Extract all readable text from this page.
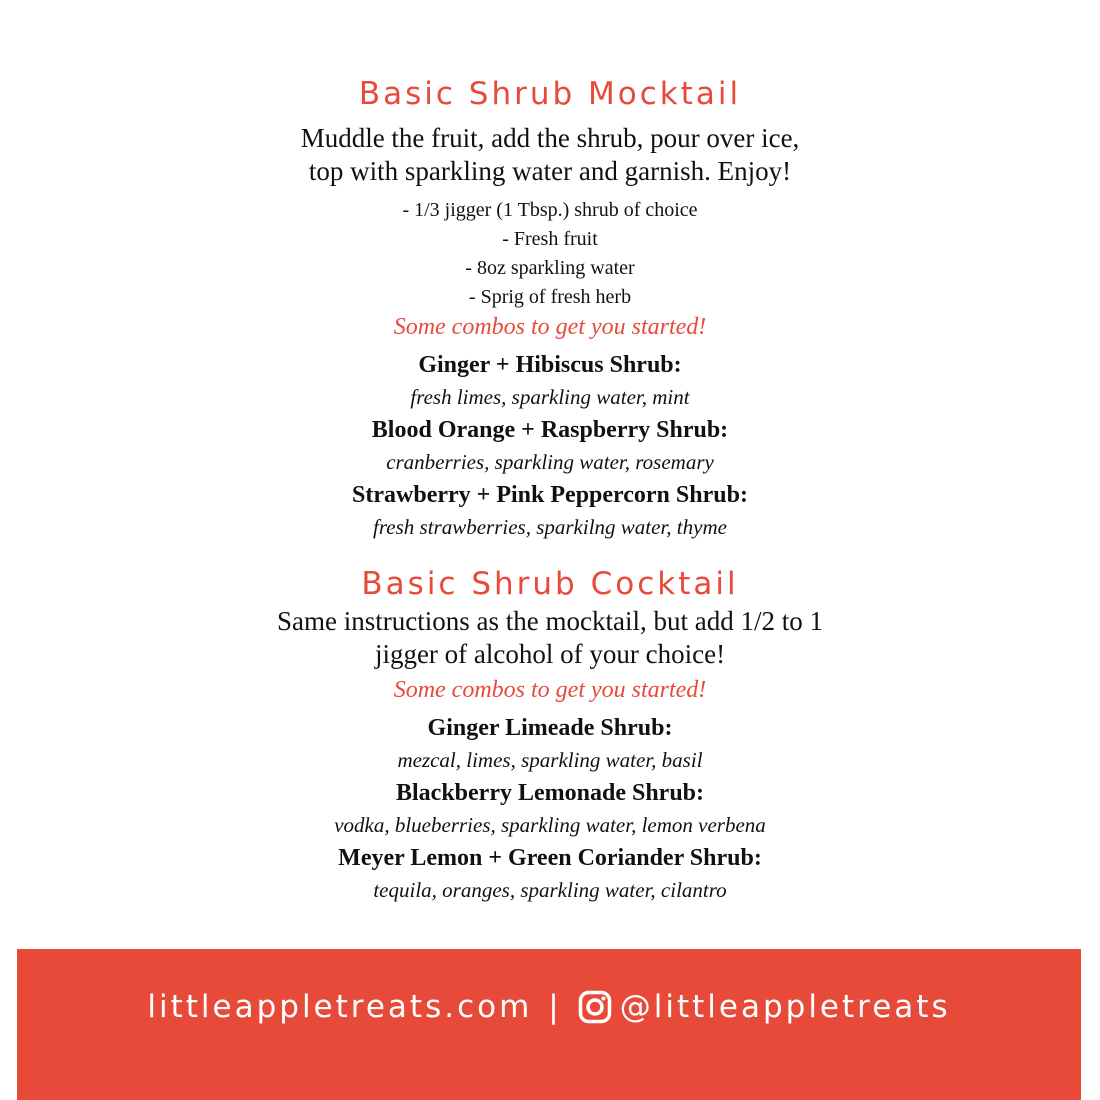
Basic Shrub Mocktail

Muddle the fruit, add the shrub, pour over ice,

top with sparkling water and garnish. Enjoy!

- 1/3 jigger (1 Tbsp.) shrub of choice

- Fresh fruit

- 8oz sparkling water

- Sprig of fresh herb

Some combos to get you started!

Ginger + Hibiscus Shrub:

fresh limes, sparkling water, mint

Blood Orange + Raspberry Shrub:

cranberries, sparkling water, rosemary

Strawberry + Pink Peppercorn Shrub:

fresh strawberries, sparkilng water, thyme

Basic Shrub Cocktail

Same instructions as the mocktail, but add 1/2 to 1

jigger of alcohol of your choice!

Some combos to get you started!

Ginger Limeade Shrub:

mezcal, limes, sparkling water, basil

Blackberry Lemonade Shrub:

vodka, blueberries, sparkling water, lemon verbena

Meyer Lemon + Green Coriander Shrub:

tequila, oranges, sparkling water, cilantro

littleappletreats.com | @littleappletreats
